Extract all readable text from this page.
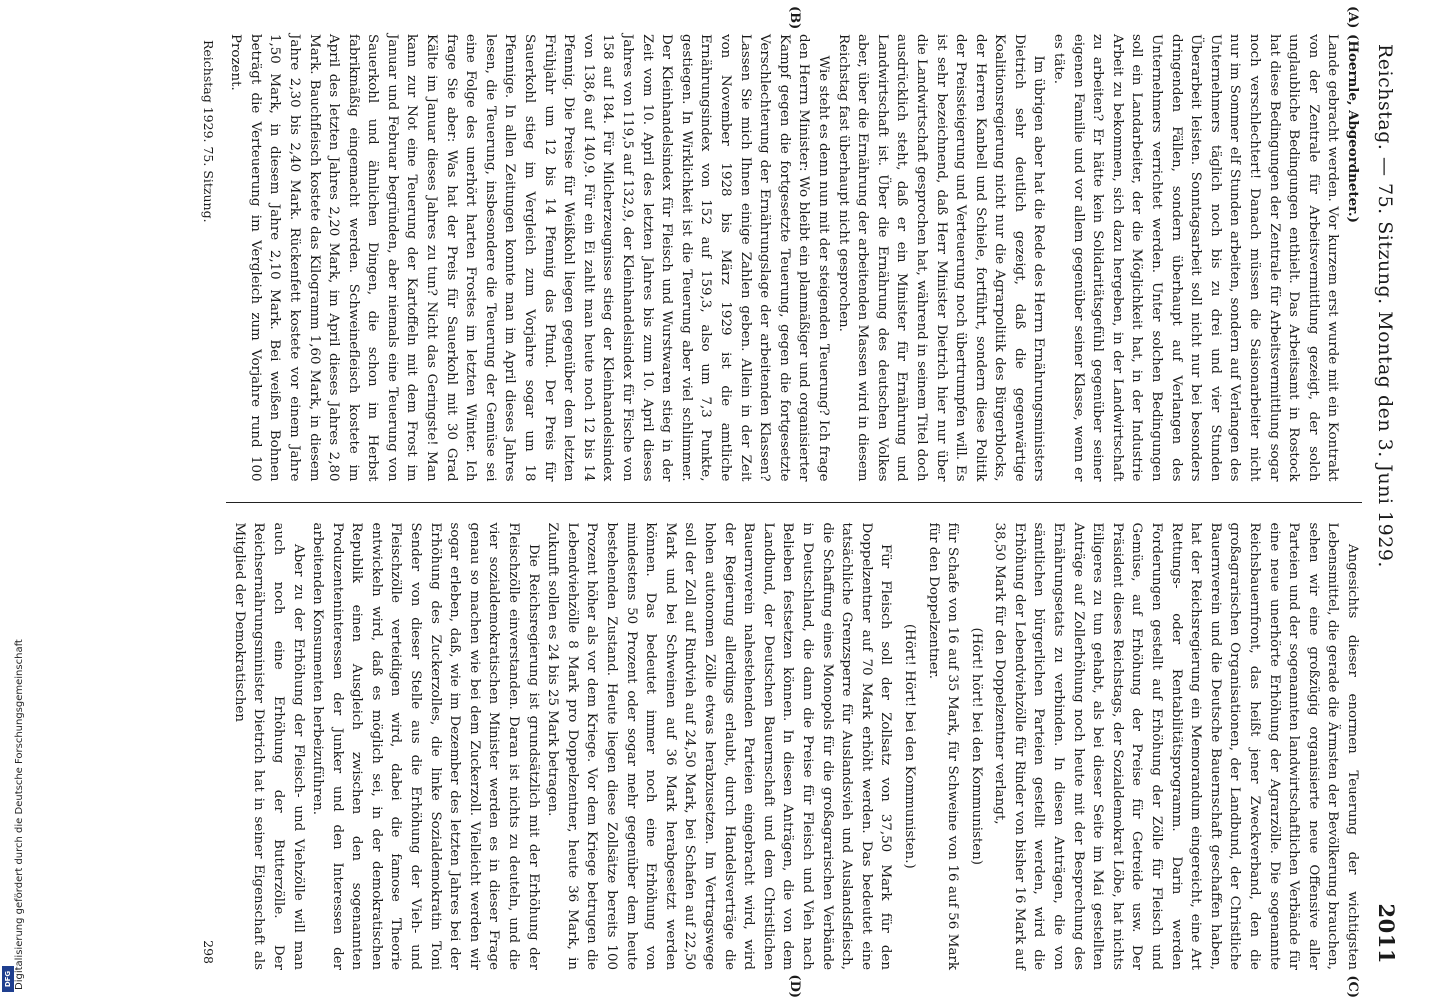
Digitalisierung gefördert durch die Deutsche Forschungsgemeinschaft
DFG
Reichstag. — 75. Sitzung. Montag den 3. Juni 1929.
2011
(A)
(B)
(C)
(D)

(Hoernle, Abgeordneter.)

Lande gebracht werden. Vor kurzem erst wurde mit ein Kontrakt von der Zentrale für Arbeitsvermittlung gezeigt, der solch unglaubliche Bedingungen enthielt. Das Arbeitsamt in Rostock hat diese Bedingungen der Zentrale für Arbeitsvermittlung sogar noch verschlechtert! Danach müssen die Saisonarbeiter nicht nur im Sommer elf Stunden arbeiten, sondern auf Verlangen des Unternehmers täglich noch bis zu drei und vier Stunden Überarbeit leisten. Sonntagsarbeit soll nicht nur bei besonders dringenden Fällen, sondern überhaupt auf Verlangen des Unternehmers verrichtet werden. Unter solchen Bedingungen soll ein Landarbeiter, der die Möglichkeit hat, in der Industrie Arbeit zu bekommen, sich dazu hergeben, in der Landwirtschaft zu arbeiten? Er hätte kein Solidaritätsgefühl gegenüber seiner eigenen Familie und vor allem gegenüber seiner Klasse, wenn er es täte.

Im übrigen aber hat die Rede des Herrn Ernährungsministers Dietrich sehr deutlich gezeigt, daß die gegenwärtige Koalitionsregierung nicht nur die Agrarpolitik des Bürgerblocks, der Herren Kanbell und Schiele, fortführt, sondern diese Politik der Preissteigerung und Verteuerung noch übertrumpfen will. Es ist sehr bezeichnend, daß Herr Minister Dietrich hier nur über die Landwirtschaft gesprochen hat, während in seinem Titel doch ausdrücklich steht, daß er ein Minister für Ernährung und Landwirtschaft ist. Über die Ernährung des deutschen Volkes aber, über die Ernährung der arbeitenden Massen wird in diesem Reichstag fast überhaupt nicht gesprochen.

Wie steht es denn nun mit der steigenden Teuerung? Ich frage den Herrn Minister: Wo bleibt ein planmäßiger und organisierter Kampf gegen die fortgesetzte Teuerung, gegen die fortgesetzte Verschlechterung der Ernährungslage der arbeitenden Klassen? Lassen Sie mich Ihnen einige Zahlen geben. Allein in der Zeit von November 1928 bis März 1929 ist die amtliche Ernährungsindex von 152 auf 159,3, also um 7,3 Punkte, gestiegen. In Wirklichkeit ist die Teuerung aber viel schlimmer. Der Kleinhandelsindex für Fleisch und Wurstwaren stieg in der Zeit vom 10. April des letzten Jahres bis zum 10. April dieses Jahres von 119,5 auf 132,9, der Kleinhandelsindex für Fische von 158 auf 184. Für Milcherzeugnisse stieg der Kleinhandelsindex von 138,6 auf 140,9. Für ein Ei zahlt man heute noch 12 bis 14 Pfennig. Die Preise für Weißkohl liegen gegenüber dem letzten Frühjahr um 12 bis 14 Pfennig das Pfund. Der Preis für Sauerkohl stieg im Vergleich zum Vorjahre sogar um 18 Pfennige. In allen Zeitungen konnte man im April dieses Jahres lesen, die Teuerung, insbesondere die Teuerung der Gemüse sei eine Folge des unerhört harten Frostes im letzten Winter. Ich frage Sie aber: Was hat der Preis für Sauerkohl mit 30 Grad Kälte im Januar dieses Jahres zu tun? Nicht das Geringste! Man kann zur Not eine Teuerung der Kartoffeln mit dem Frost im Januar und Februar begründen, aber niemals eine Teuerung von Sauerkohl und ähnlichen Dingen, die schon im Herbst fabrikmäßig eingemacht werden. Schweinefleisch kostete im April des letzten Jahres 2,20 Mark, im April dieses Jahres 2,80 Mark. Bauchfleisch kostete das Kilogramm 1,60 Mark, in diesem Jahre 2,30 bis 2,40 Mark. Rückenfett kostete vor einem Jahre 1,50 Mark, in diesem Jahre 2,10 Mark. Bei weißen Bohnen beträgt die Verteuerung im Vergleich zum Vorjahre rund 100 Prozent.

Angesichts dieser enormen Teuerung der wichtigsten Lebensmittel, die gerade die Ärmsten der Bevölkerung brauchen, sehen wir eine großzügig organisierte neue Offensive aller Parteien und der sogenannten landwirtschaftlichen Verbände für eine neue unerhörte Erhöhung der Agrarzölle. Die sogenannte Reichsbauernfront, das heißt jener Zweckverband, den die großagrarischen Organisationen, der Landbund, der Christliche Bauernverein und die Deutsche Bauernschaft geschaffen haben, hat der Reichsregierung ein Memorandum eingereicht, eine Art Rettungs- oder Rentabilitätsprogramm. Darin werden Forderungen gestellt auf Erhöhung der Zölle für Fleisch und Gemüse, auf Erhöhung der Preise für Getreide usw. Der Präsident dieses Reichstags, der Sozialdemokrat Löbe, hat nichts Eiligeres zu tun gehabt, als bei dieser Seite im Mai gestellten Anträge auf Zollerhöhung noch heute mit der Besprechung des Ernährungsetats zu verbinden. In diesen Anträgen, die von sämtlichen bürgerlichen Parteien gestellt werden, wird die Erhöhung der Lebendviehzölle für Rinder von bisher 16 Mark auf 38,50 Mark für den Doppelzentner verlangt,

(Hört! hört! bei den Kommunisten)

für Schafe von 16 auf 35 Mark, für Schweine von 16 auf 56 Mark für den Doppelzentner.

(Hört! Hört! bei den Kommunisten.)

Für Fleisch soll der Zollsatz von 37,50 Mark für den Doppelzentner auf 70 Mark erhöht werden. Das bedeutet eine tatsächliche Grenzsperre für Auslandsvieh und Auslandsfleisch, die Schaffung eines Monopols für die großagrarischen Verbände in Deutschland, die dann die Preise für Fleisch und Vieh nach Belieben festsetzen können. In diesen Anträgen, die von dem Landbund, der Deutschen Bauernschaft und dem Christlichen Bauernverein nahestehenden Parteien eingebracht wird, wird der Regierung allerdings erlaubt, durch Handelsverträge die hohen autonomen Zölle etwas herabzusetzen. Im Vertragswege soll der Zoll auf Rindvieh auf 24,50 Mark, bei Schafen auf 22,50 Mark und bei Schweinen auf 36 Mark herabgesetzt werden können. Das bedeutet immer noch eine Erhöhung von mindestens 50 Prozent oder sogar mehr gegenüber dem heute bestehenden Zustand. Heute liegen diese Zollsätze bereits 100 Prozent höher als vor dem Kriege. Vor dem Kriege betrugen die Lebendviehzölle 8 Mark pro Doppelzentner, heute 36 Mark, in Zukunft sollen es 24 bis 25 Mark betragen.

Die Reichsregierung ist grundsätzlich mit der Erhöhung der Fleischzölle einverstanden. Daran ist nichts zu deuteln, und die vier sozialdemokratischen Minister werden es in dieser Frage genau so machen wie bei dem Zuckerzoll. Vielleicht werden wir sogar erleben, daß, wie im Dezember des letzten Jahres bei der Erhöhung des Zuckerzolles, die linke Sozialdemokratin Toni Sender von dieser Stelle aus die Erhöhung der Vieh- und Fleischzölle verteidigen wird, dabei die famose Theorie entwickeln wird, daß es möglich sei, in der demokratischen Republik einen Ausgleich zwischen den sogenannten Produzenteninteressen der Junker und den Interessen der arbeitenden Konsumenten herbeizuführen.

Aber zu der Erhöhung der Fleisch- und Viehzölle will man auch noch eine Erhöhung der Butterzölle. Der Reichsernährungsminister Dietrich hat in seiner Eigenschaft als Mitglied der Demokratischen

Reichstag 1929. 75. Sitzung.
298
